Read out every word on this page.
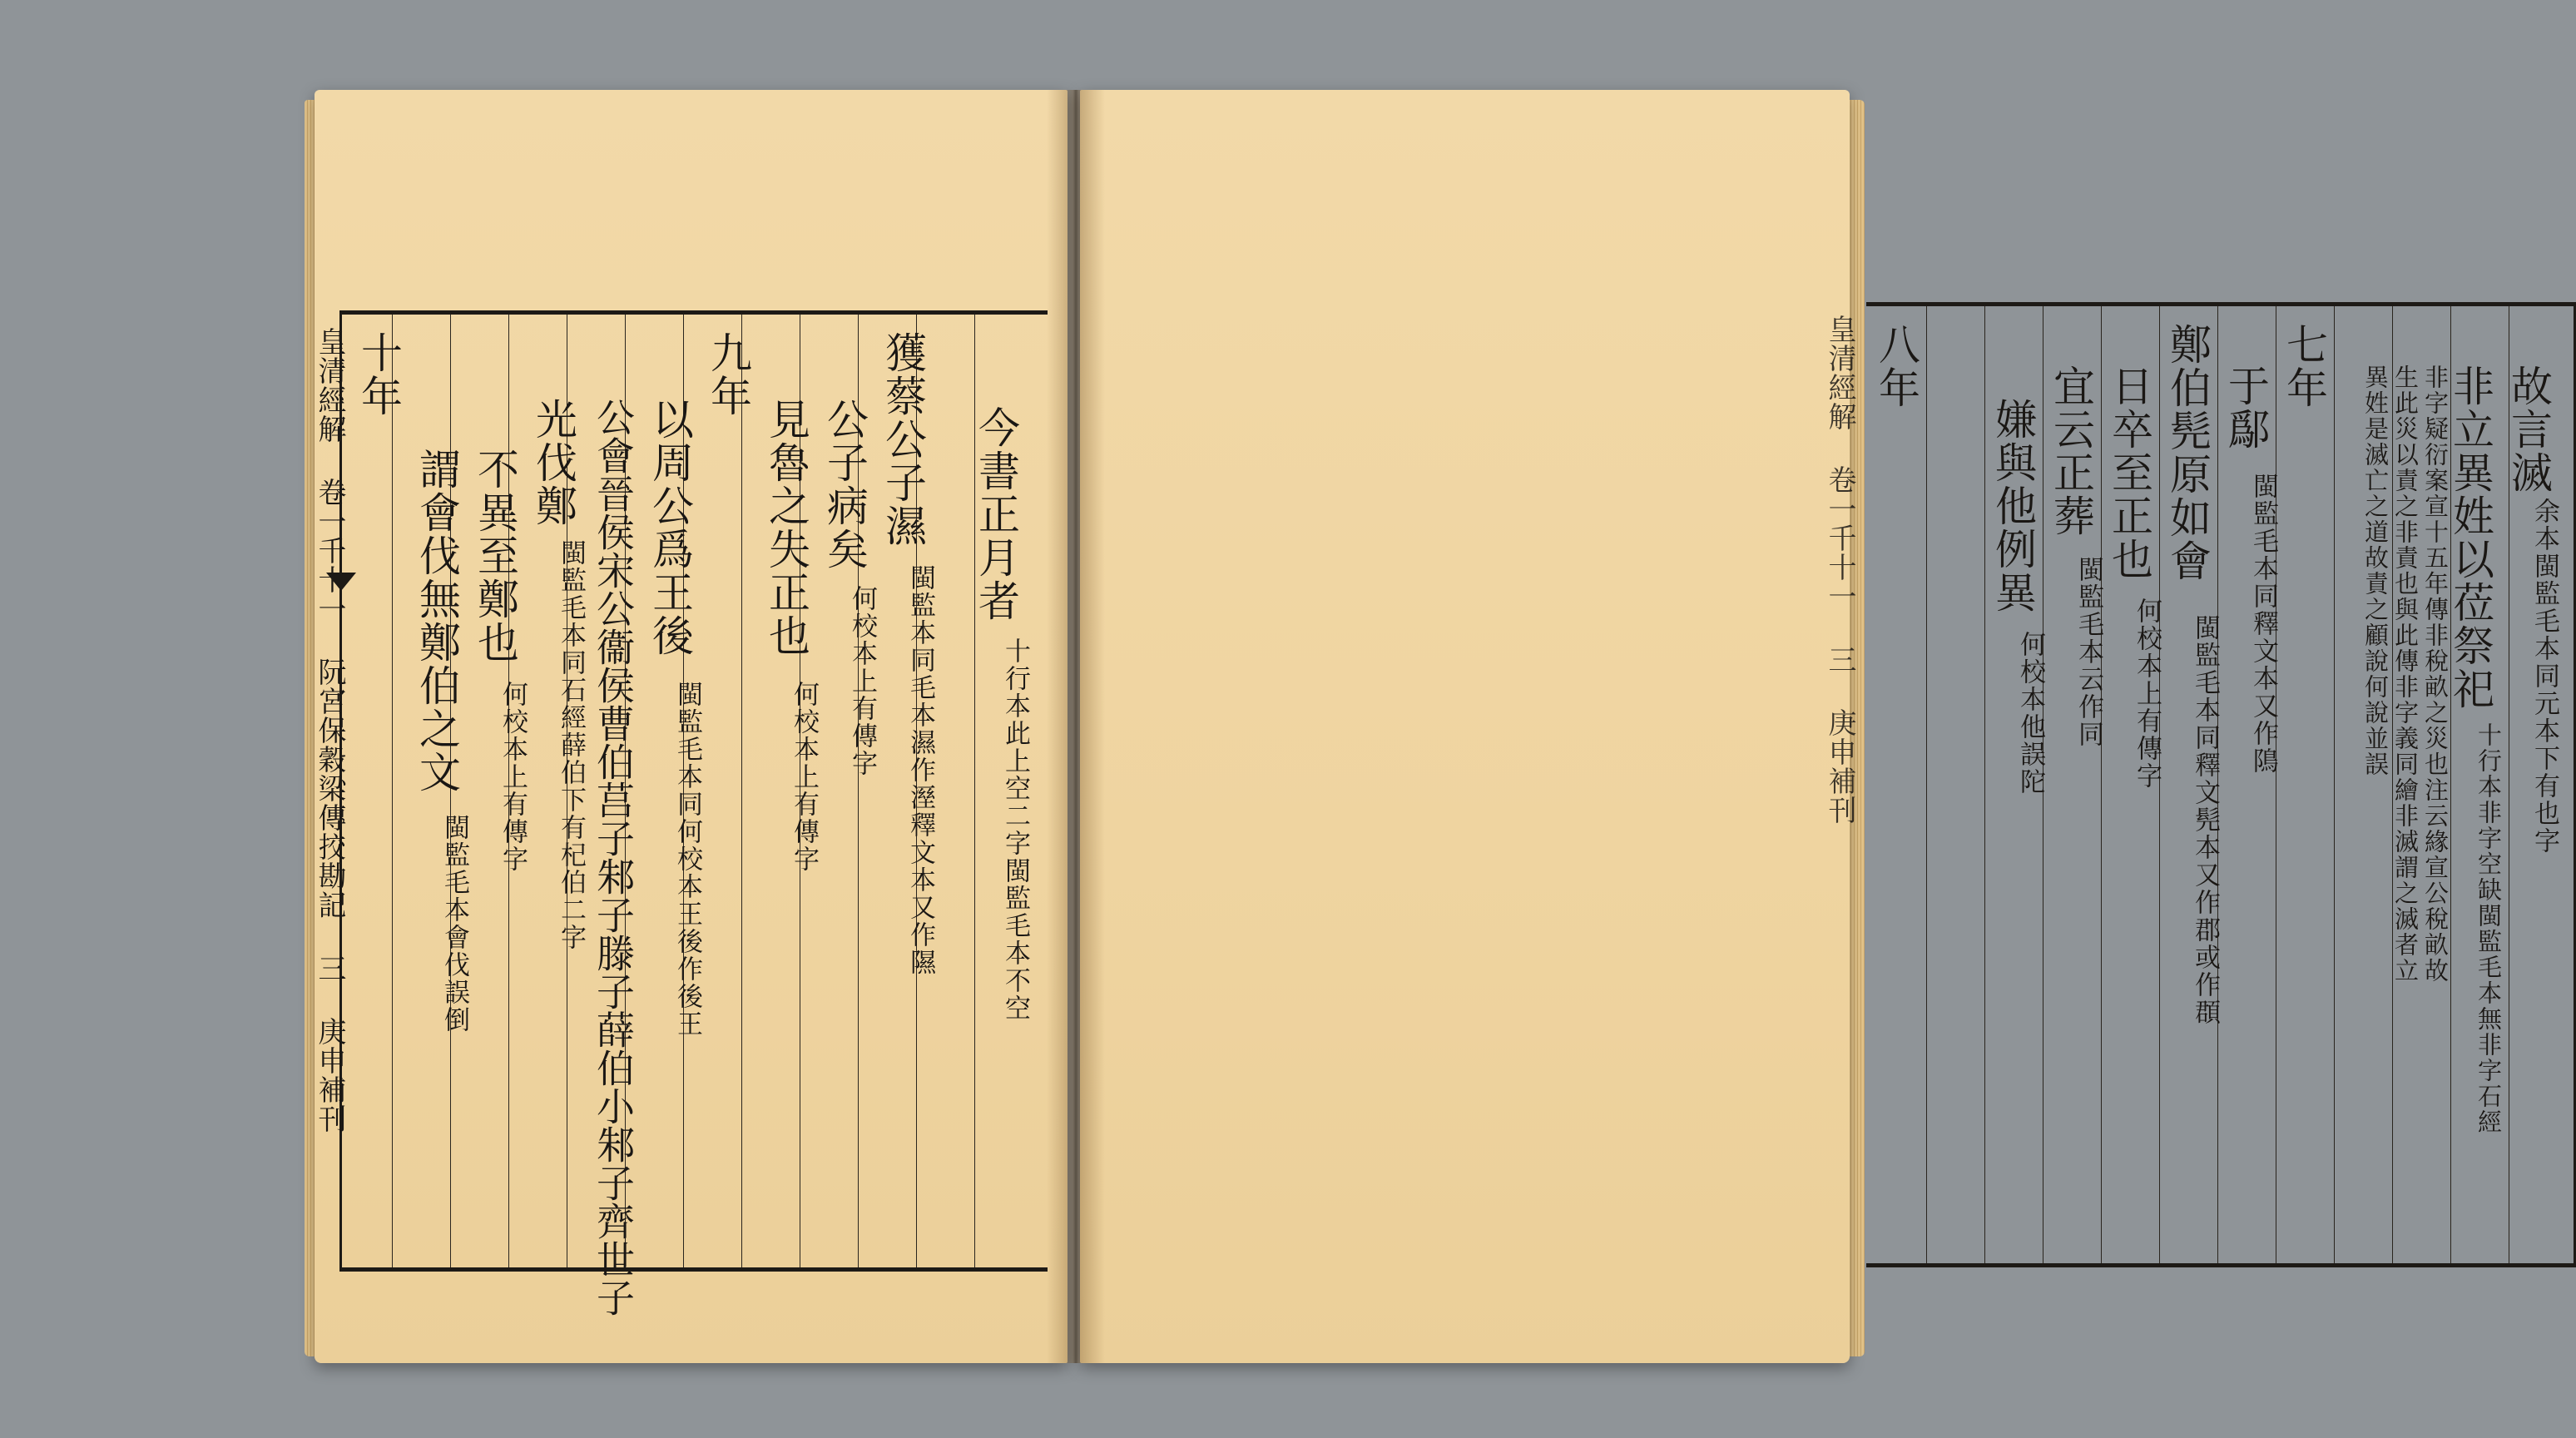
今書正月者
十行本此上空二字閩監毛本不空
獲蔡公子濕
閩監本同毛本濕作溼釋文本又作隰
公子病矣
何校本上有傳字
見魯之失正也
何校本上有傳字
九年
以周公爲王後
閩監毛本同何校本王後作後王
公會晉侯宋公衞侯曹伯莒子邾子滕子薛伯小邾子齊世子
光伐鄭
閩監毛本同石經薛伯下有杞伯二字
不異至鄭也
何校本上有傳字
謂會伐無鄭伯之文
閩監毛本會伐誤倒
十年
皇清經解 卷一千十一 阮宮保穀梁傳挍勘記 三 庚申補刊	故言滅
余本閩監毛本同元本下有也字
非立異姓以莅祭祀
十行本非字空缺閩監毛本無非字石經
非字疑衍案宣十五年傳非稅畝之災也注云緣宣公稅畝故
生此災以責之非責也與此傳非字義同繪非滅謂之滅者立
異姓是滅亡之道故責之顧說何說並誤
七年
于鄬
閩監毛本同釋文本又作隝
鄭伯髡原如會
閩監毛本同釋文髡本又作郡或作頵
日卒至正也
何校本上有傳字
宜云正葬
閩監毛本云作同
嫌與他例異
何校本他誤陀
八年
皇清經解 卷一千十一 三 庚申補刊
